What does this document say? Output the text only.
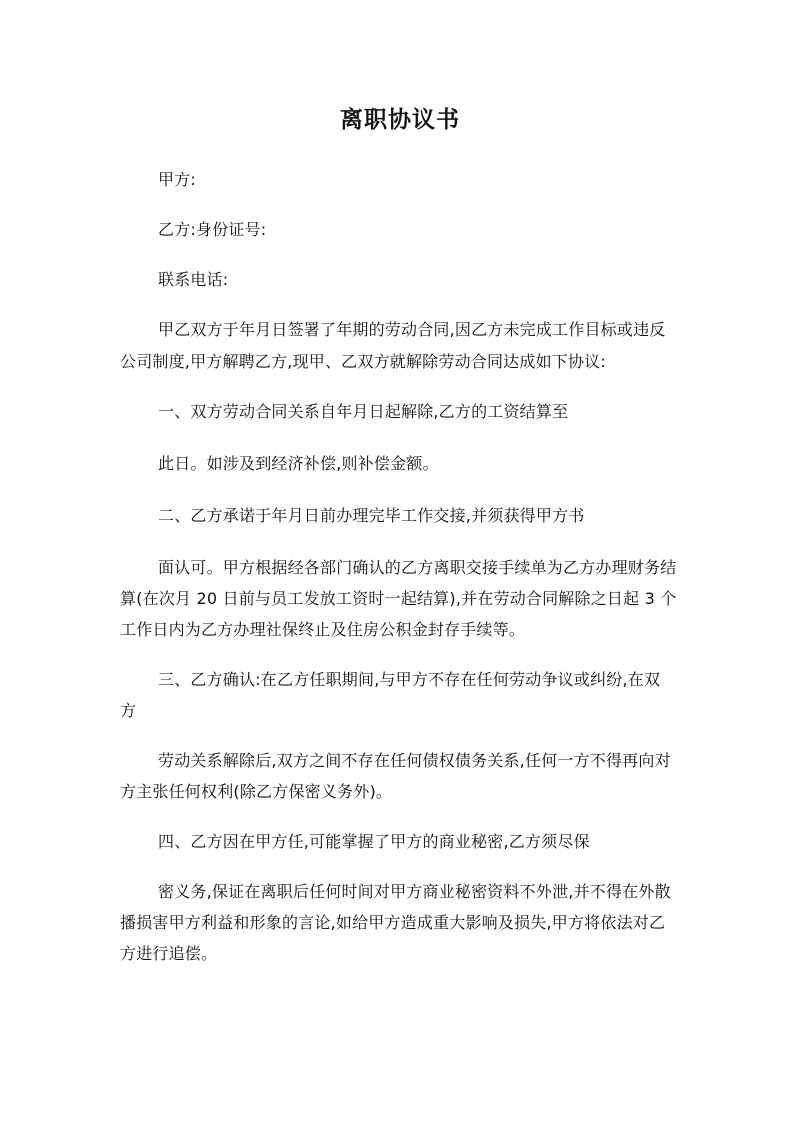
离职协议书
甲方:
乙方:身份证号:
联系电话:
甲乙双方于年月日签署了年期的劳动合同,因乙方未完成工作目标或违反
公司制度,甲方解聘乙方,现甲、乙双方就解除劳动合同达成如下协议:
一、双方劳动合同关系自年月日起解除,乙方的工资结算至
此日。如涉及到经济补偿,则补偿金额。
二、乙方承诺于年月日前办理完毕工作交接,并须获得甲方书
面认可。甲方根据经各部门确认的乙方离职交接手续单为乙方办理财务结
算(在次月 20 日前与员工发放工资时一起结算),并在劳动合同解除之日起 3 个
工作日内为乙方办理社保终止及住房公积金封存手续等。
三、乙方确认:在乙方任职期间,与甲方不存在任何劳动争议或纠纷,在双
方
劳动关系解除后,双方之间不存在任何债权债务关系,任何一方不得再向对
方主张任何权利(除乙方保密义务外)。
四、乙方因在甲方任,可能掌握了甲方的商业秘密,乙方须尽保
密义务,保证在离职后任何时间对甲方商业秘密资料不外泄,并不得在外散
播损害甲方利益和形象的言论,如给甲方造成重大影响及损失,甲方将依法对乙
方进行追偿。
